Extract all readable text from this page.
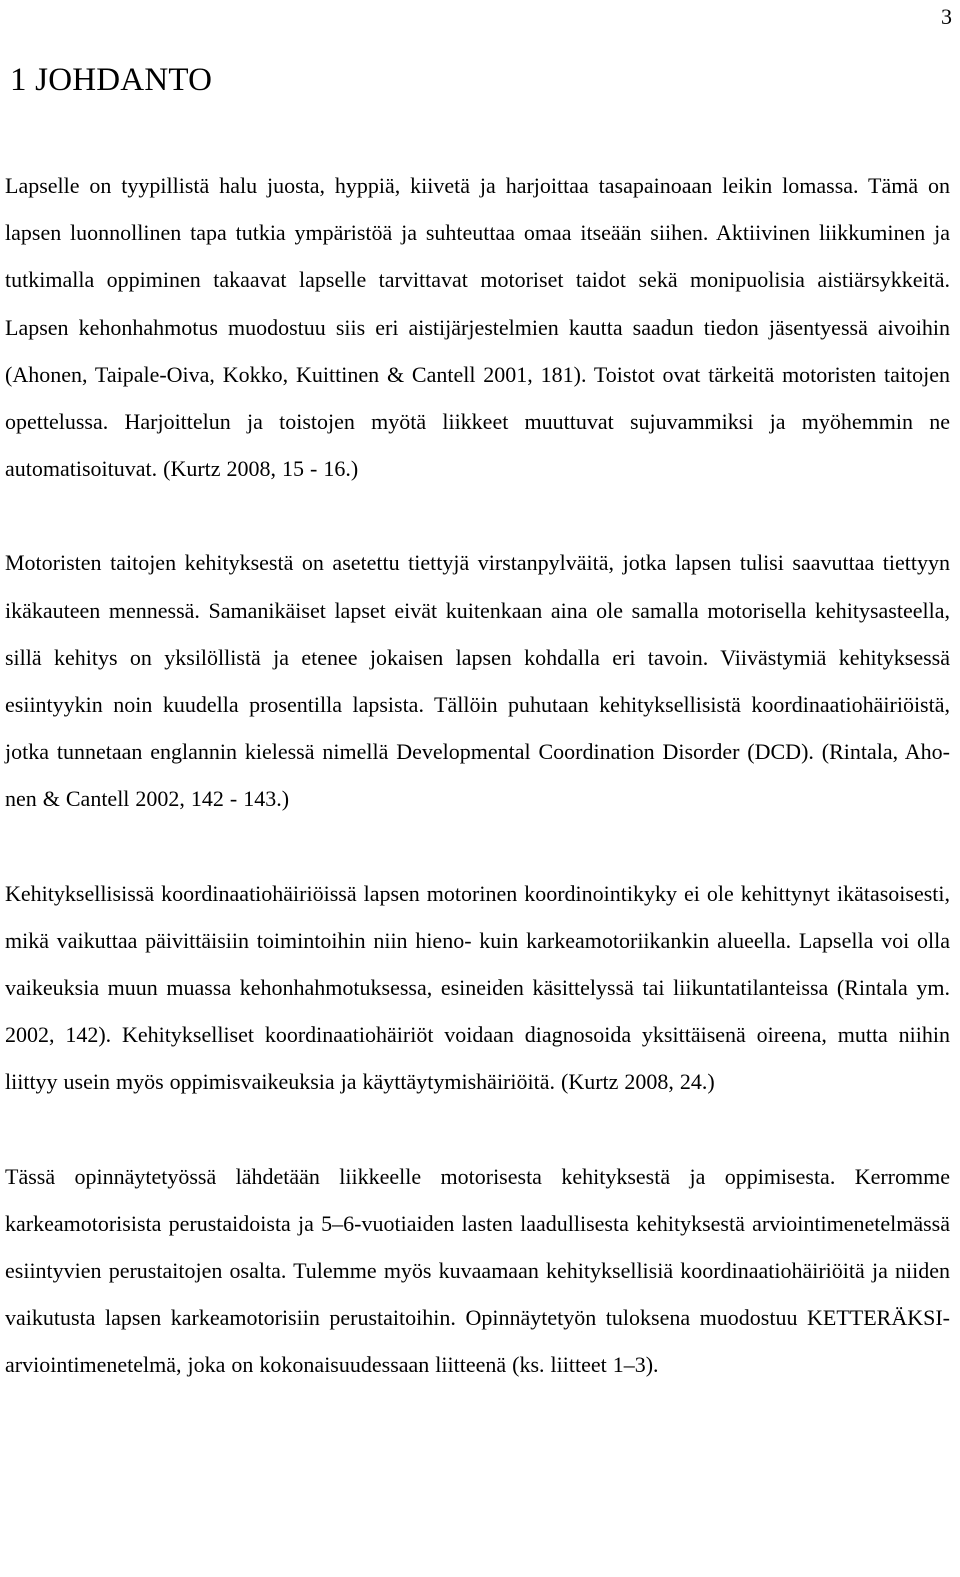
3
1 JOHDANTO

Lapselle on tyypillistä halu juosta, hyppiä, kiivetä ja harjoittaa tasapainoaan leikin lomassa. Tämä on lapsen luonnollinen tapa tutkia ympäristöä ja suhteuttaa omaa itseään siihen. Aktiivinen liikkuminen ja tutkimalla oppiminen takaavat lapselle tarvittavat motoriset taidot sekä monipuolisia aistiärsykkeitä. Lapsen kehonhahmotus muodostuu siis eri aistijärjestelmien kautta saadun tiedon jäsentyessä aivoihin (Ahonen, Taipale-Oiva, Kokko, Kuittinen & Cantell 2001, 181). Toistot ovat tärkeitä motoristen taitojen opettelussa. Harjoittelun ja toistojen myötä liikkeet muuttuvat sujuvammiksi ja myöhemmin ne automatisoituvat. (Kurtz 2008, 15 - 16.)

Motoristen taitojen kehityksestä on asetettu tiettyjä virstanpylväitä, jotka lapsen tulisi saavuttaa tiettyyn ikäkauteen mennessä. Samanikäiset lapset eivät kuitenkaan aina ole samalla motorisella kehitysasteella, sillä kehitys on yksilöllistä ja etenee jokaisen lapsen kohdalla eri tavoin. Viivästymiä kehityksessä esiintyykin noin kuudella prosentilla lapsista. Tällöin puhutaan kehityksellisistä koordinaatiohäiriöistä, jotka tunnetaan englannin kielessä nimellä Developmental Coordination Disorder (DCD). (Rintala, Ahonen & Cantell 2002, 142 - 143.)

Kehityksellisissä koordinaatiohäiriöissä lapsen motorinen koordinointikyky ei ole kehittynyt ikätasoisesti, mikä vaikuttaa päivittäisiin toimintoihin niin hieno- kuin karkeamotoriikankin alueella. Lapsella voi olla vaikeuksia muun muassa kehonhahmotuksessa, esineiden käsittelyssä tai liikuntatilanteissa (Rintala ym. 2002, 142). Kehitykselliset koordinaatiohäiriöt voidaan diagnosoida yksittäisenä oireena, mutta niihin liittyy usein myös oppimisvaikeuksia ja käyttäytymishäiriöitä. (Kurtz 2008, 24.)

Tässä opinnäytetyössä lähdetään liikkeelle motorisesta kehityksestä ja oppimisesta. Kerromme karkeamotorisista perustaidoista ja 5–6-vuotiaiden lasten laadullisesta kehityksestä arviointimenetelmässä esiintyvien perustaitojen osalta. Tulemme myös kuvaamaan kehityksellisiä koordinaatiohäiriöitä ja niiden vaikutusta lapsen karkeamotorisiin perustaitoihin. Opinnäytetyön tuloksena muodostuu KETTERÄKSI-arviointimenetelmä, joka on kokonaisuudessaan liitteenä (ks. liitteet 1–3).
